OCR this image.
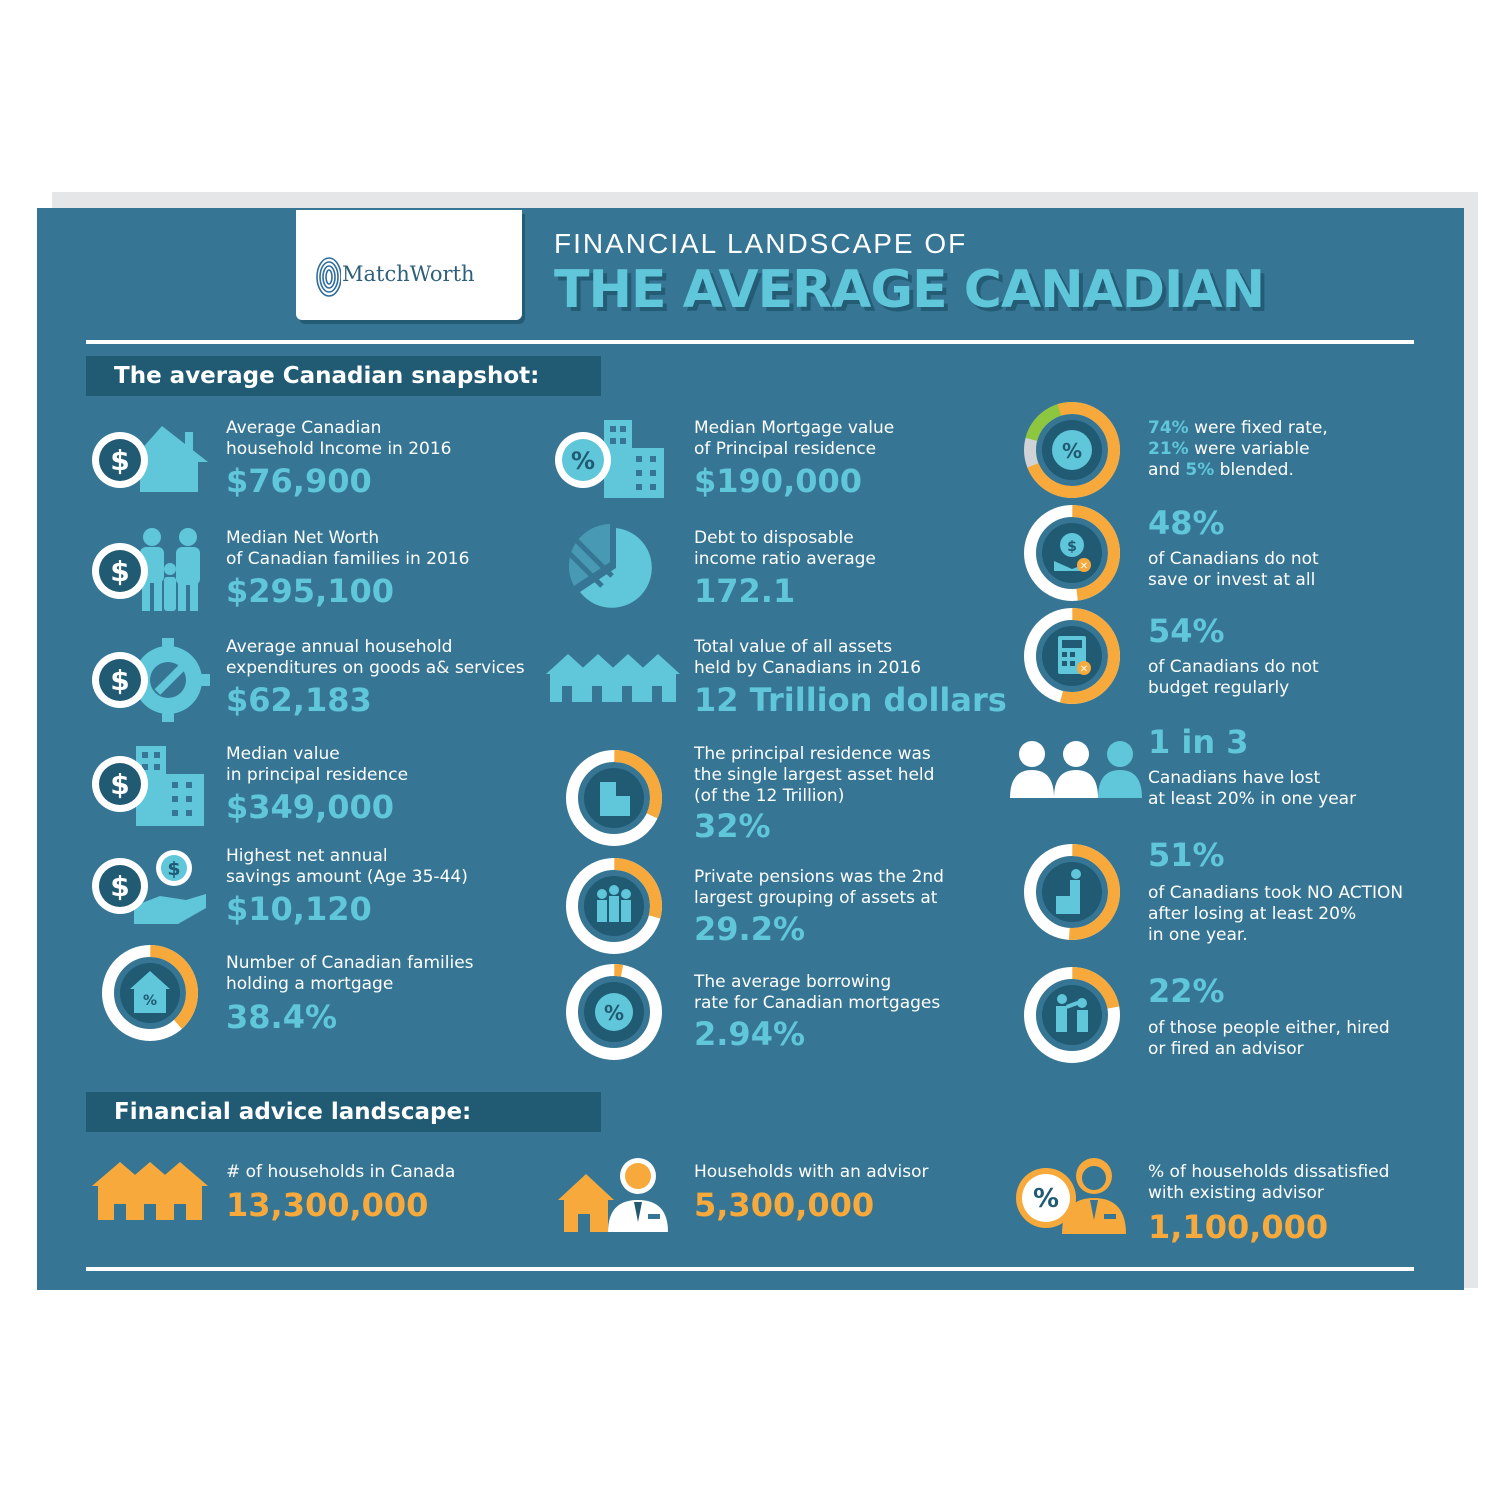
MatchWorth
FINANCIAL LANDSCAPE OF
THE AVERAGE CANADIAN
The average Canadian snapshot:
$
$
$
$
$
$
%
Average Canadian
household Income in 2016
$76,900
Median Net Worth
of Canadian families in 2016
$295,100
Average annual household
expenditures on goods a& services
$62,183
Median value
in principal residence
$349,000
Highest net annual
savings amount (Age 35-44)
$10,120
Number of Canadian families
holding a mortgage
38.4%
%
%
Median Mortgage value
of Principal residence
$190,000
Debt to disposable
income ratio average
172.1
Total value of all assets
held by Canadians in 2016
12 Trillion dollars
The principal residence was
the single largest asset held
(of the 12 Trillion)
32%
Private pensions was the 2nd
largest grouping of assets at
29.2%
The average borrowing
rate for Canadian mortgages
2.94%
%
74% were fixed rate,
21% were variable
and 5% blended.
$
✕
✕
48%
of Canadians do not
save or invest at all
54%
of Canadians do not
budget regularly
1 in 3
Canadians have lost
at least 20% in one year
51%
of Canadians took NO ACTION
after losing at least 20%
in one year.
22%
of those people either, hired
or fired an advisor
Financial advice landscape:
# of households in Canada
13,300,000
Households with an advisor
5,300,000	%
% of households dissatisfied
with existing advisor
1,100,000
